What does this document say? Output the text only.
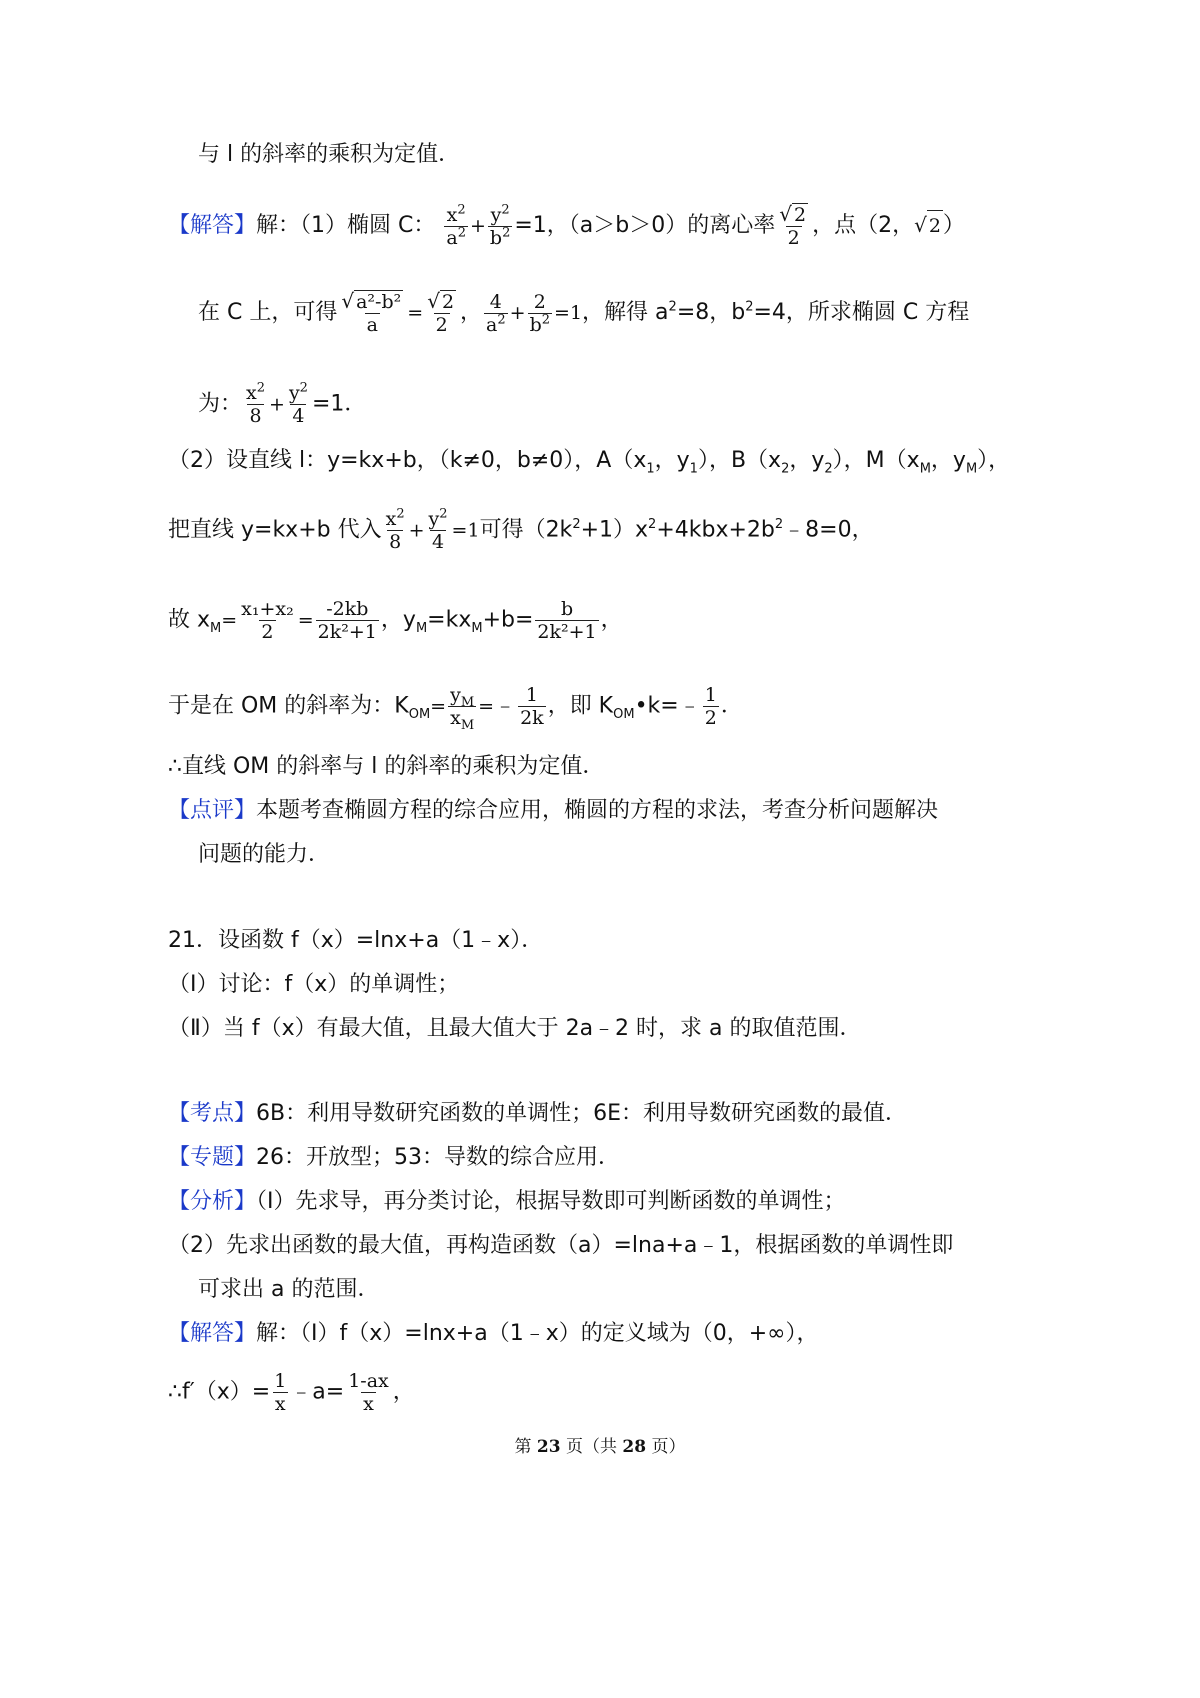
与 l 的斜率的乘积为定值．
【解答】解：（1）椭圆 C： $\frac{x^2}{a^2} + \frac{y^2}{b^2} =1$，（a＞b＞0）的离心率 $\frac{√ 2}{2}$ ，点（2，√ 2）
在 C 上，可得 $\frac{\text{√ a²-b²}}{a} = \frac{√ 2}{2}$ ， $\frac{4}{a^2} + \frac{2}{b^2} =1$，解得 $a^2=8$，$b^2=4$，所求椭圆 C 方程
为： $\frac{x^2}{8} + \frac{y^2}{4} =1$．
（2）设直线 l：y=kx+b，（k≠0，b≠0），$A(x_1$，$y_1$），$B(x_2$，$y_2$），$M(x_M$，$y_M$），
把直线 y=kx+b 代入 $\frac{x^2}{8} + \frac{y^2}{4} =1$可得$(2k^2+1)x^2+4kbx+2b^2﹣8=0$，
故 $x_M= \frac{\text{x₁+x₂}}{2} = \frac{-2kb}{\text{2k²+1}}$ ，$y_M=kx_M+b= \frac{b}{\text{2k²+1}}$ ，
于是在 OM 的斜率为：$K_{OM}= \frac{y_M}{x_M}$ =﹣ $\frac{1}{2k}$ ，即 $K_{OM}•k=﹣ \frac{1}{2}$ ．
∴直线 OM 的斜率与 l 的斜率的乘积为定值．
【点评】本题考查椭圆方程的综合应用，椭圆的方程的求法，考查分析问题解决
问题的能力．
21．设函数 f（x）=lnx+a（1﹣x）．
（Ⅰ）讨论：f（x）的单调性；
（Ⅱ）当 f（x）有最大值，且最大值大于 2a﹣2 时，求 a 的取值范围．
【考点】6B：利用导数研究函数的单调性；6E：利用导数研究函数的最值．
【专题】26：开放型；53：导数的综合应用．
【分析】（Ⅰ）先求导，再分类讨论，根据导数即可判断函数的单调性；
（2）先求出函数的最大值，再构造函数（a）=lna+a﹣1，根据函数的单调性即
可求出 a 的范围．
【解答】解：（Ⅰ）f（x）=lnx+a（1﹣x）的定义域为（0，+∞），
∴f′（x）= $\frac{1}{x}$ ﹣a= $\frac{1-ax}{x}$ ，
第 23 页（共 28 页）
